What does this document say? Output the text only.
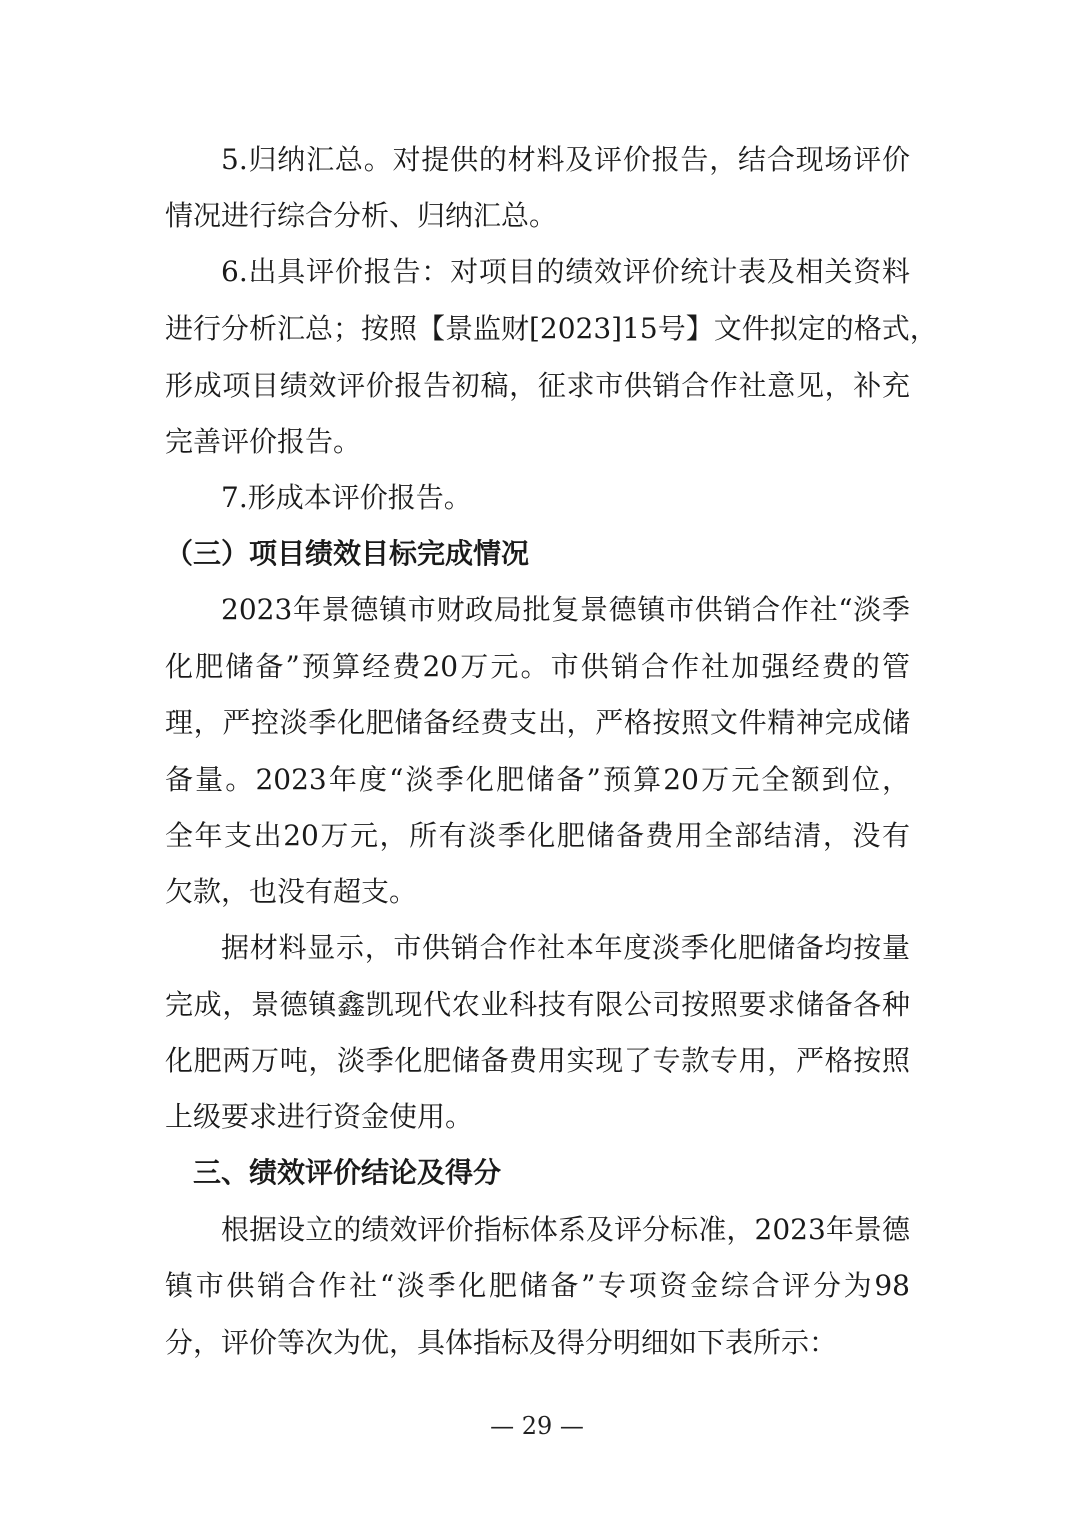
5.归纳汇总。对提供的材料及评价报告，结合现场评价
情况进行综合分析、归纳汇总。
6.出具评价报告：对项目的绩效评价统计表及相关资料
进行分析汇总；按照【景监财[2023]15号】文件拟定的格式，
形成项目绩效评价报告初稿，征求市供销合作社意见，补充
完善评价报告。
7.形成本评价报告。
（三）项目绩效目标完成情况
2023年景德镇市财政局批复景德镇市供销合作社“淡季
化肥储备”预算经费20万元。市供销合作社加强经费的管
理，严控淡季化肥储备经费支出，严格按照文件精神完成储
备量。2023年度“淡季化肥储备”预算20万元全额到位，
全年支出20万元，所有淡季化肥储备费用全部结清，没有
欠款，也没有超支。
据材料显示，市供销合作社本年度淡季化肥储备均按量
完成，景德镇鑫凯现代农业科技有限公司按照要求储备各种
化肥两万吨，淡季化肥储备费用实现了专款专用，严格按照
上级要求进行资金使用。
三、绩效评价结论及得分
根据设立的绩效评价指标体系及评分标准，2023年景德
镇市供销合作社“淡季化肥储备”专项资金综合评分为98
分，评价等次为优，具体指标及得分明细如下表所示：
— 29 —
